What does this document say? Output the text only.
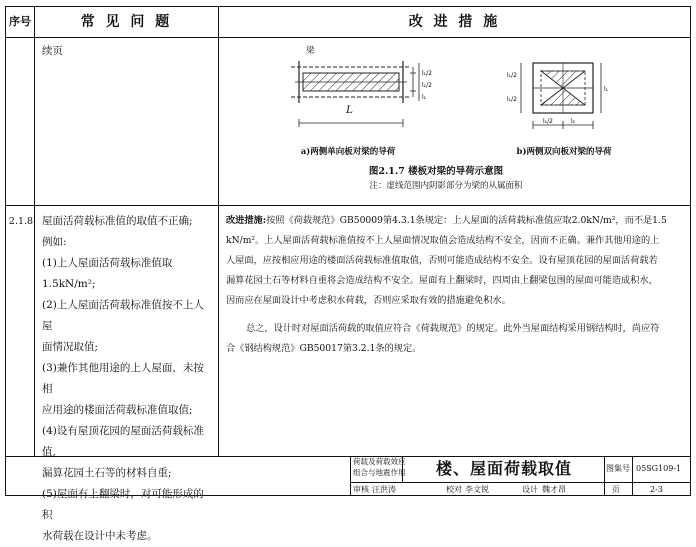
序号	常 见 问 题	改 进 措 施
续页
l₁/2
l₁/2
l₁
l₁/2
l₁/2
l₁
l₁/2	l₂
梁
L
a)两侧单向板对梁的导荷	b)两侧双向板对梁的导荷
图2.1.7 楼板对梁的导荷示意图
注：虚线范围内阴影部分为梁的从属面积
2.1.8 屋面活荷载标准值的取值不正确;
例如:
(1)上人屋面活荷载标准值取1.5kN/m²;
(2)上人屋面活荷载标准值按不上人屋
面情况取值;
(3)兼作其他用途的上人屋面，未按相
应用途的楼面活荷载标准值取值;
(4)设有屋顶花园的屋面活荷载标准值,
漏算花园土石等的材料自重;
(5)屋面有上翻梁时，对可能形成的积
水荷载在设计中未考虑。
改进措施:按照《荷载规范》GB50009第4.3.1条规定：上人屋面的活荷载标准值应取2.0kN/m²，而不是1.5
kN/m²。上人屋面活荷载标准值按不上人屋面情况取值会造成结构不安全，因而不正确。兼作其他用途的上
人屋面，应按相应用途的楼面活荷载标准值取值，否则可能造成结构不安全。设有屋顶花园的屋面活荷载若
漏算花园土石等材料自重将会造成结构不安全。屋面有上翻梁时，四周由上翻梁包围的屋面可能造成积水，
因而应在屋面设计中考虑积水荷载，否则应采取有效的措施避免积水。
总之，设计时对屋面活荷载的取值应符合《荷载规范》的规定。此外当屋面结构采用钢结构时，尚应符
合《钢结构规范》GB50017第3.2.1条的规定。
荷载及荷载效应
组合与地震作用	楼、屋面荷载取值	图集号 05SG109-1
审核 汪洪涛	校对 李文锐	设计 魏才昂	页	2-3
